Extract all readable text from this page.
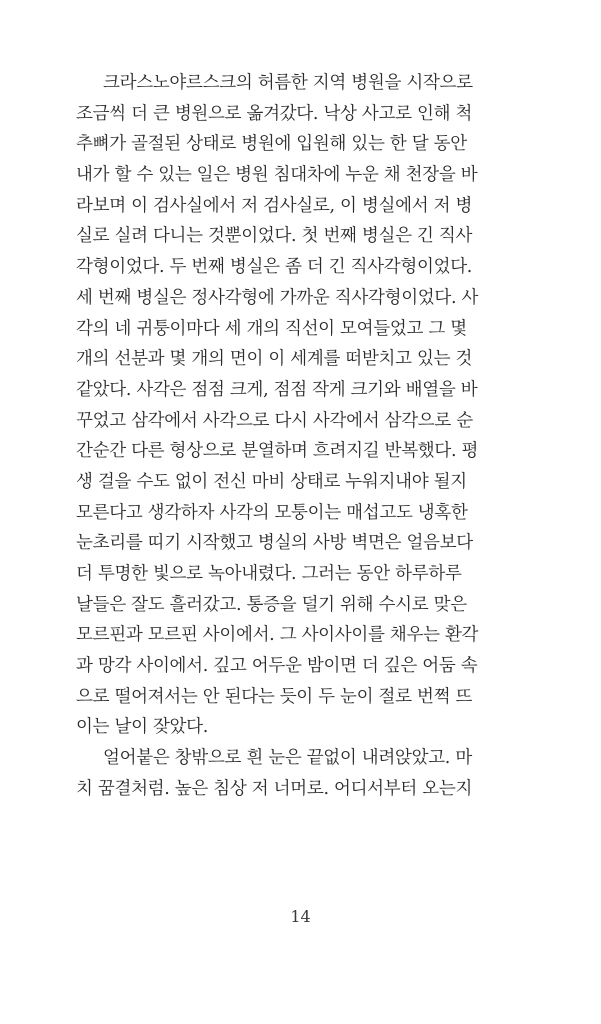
크라스노야르스크의 허름한 지역 병원을 시작으로
조금씩 더 큰 병원으로 옮겨갔다. 낙상 사고로 인해 척
추뼈가 골절된 상태로 병원에 입원해 있는 한 달 동안
내가 할 수 있는 일은 병원 침대차에 누운 채 천장을 바
라보며 이 검사실에서 저 검사실로, 이 병실에서 저 병
실로 실려 다니는 것뿐이었다. 첫 번째 병실은 긴 직사
각형이었다. 두 번째 병실은 좀 더 긴 직사각형이었다.
세 번째 병실은 정사각형에 가까운 직사각형이었다. 사
각의 네 귀퉁이마다 세 개의 직선이 모여들었고 그 몇
개의 선분과 몇 개의 면이 이 세계를 떠받치고 있는 것
같았다. 사각은 점점 크게, 점점 작게 크기와 배열을 바
꾸었고 삼각에서 사각으로 다시 사각에서 삼각으로 순
간순간 다른 형상으로 분열하며 흐려지길 반복했다. 평
생 걸을 수도 없이 전신 마비 상태로 누워지내야 될지
모른다고 생각하자 사각의 모퉁이는 매섭고도 냉혹한
눈초리를 띠기 시작했고 병실의 사방 벽면은 얼음보다
더 투명한 빛으로 녹아내렸다. 그러는 동안 하루하루
날들은 잘도 흘러갔고. 통증을 덜기 위해 수시로 맞은
모르핀과 모르핀 사이에서. 그 사이사이를 채우는 환각
과 망각 사이에서. 깊고 어두운 밤이면 더 깊은 어둠 속
으로 떨어져서는 안 된다는 듯이 두 눈이 절로 번쩍 뜨
이는 날이 잦았다.

얼어붙은 창밖으로 흰 눈은 끝없이 내려앉았고. 마
치 꿈결처럼. 높은 침상 저 너머로. 어디서부터 오는지

14
